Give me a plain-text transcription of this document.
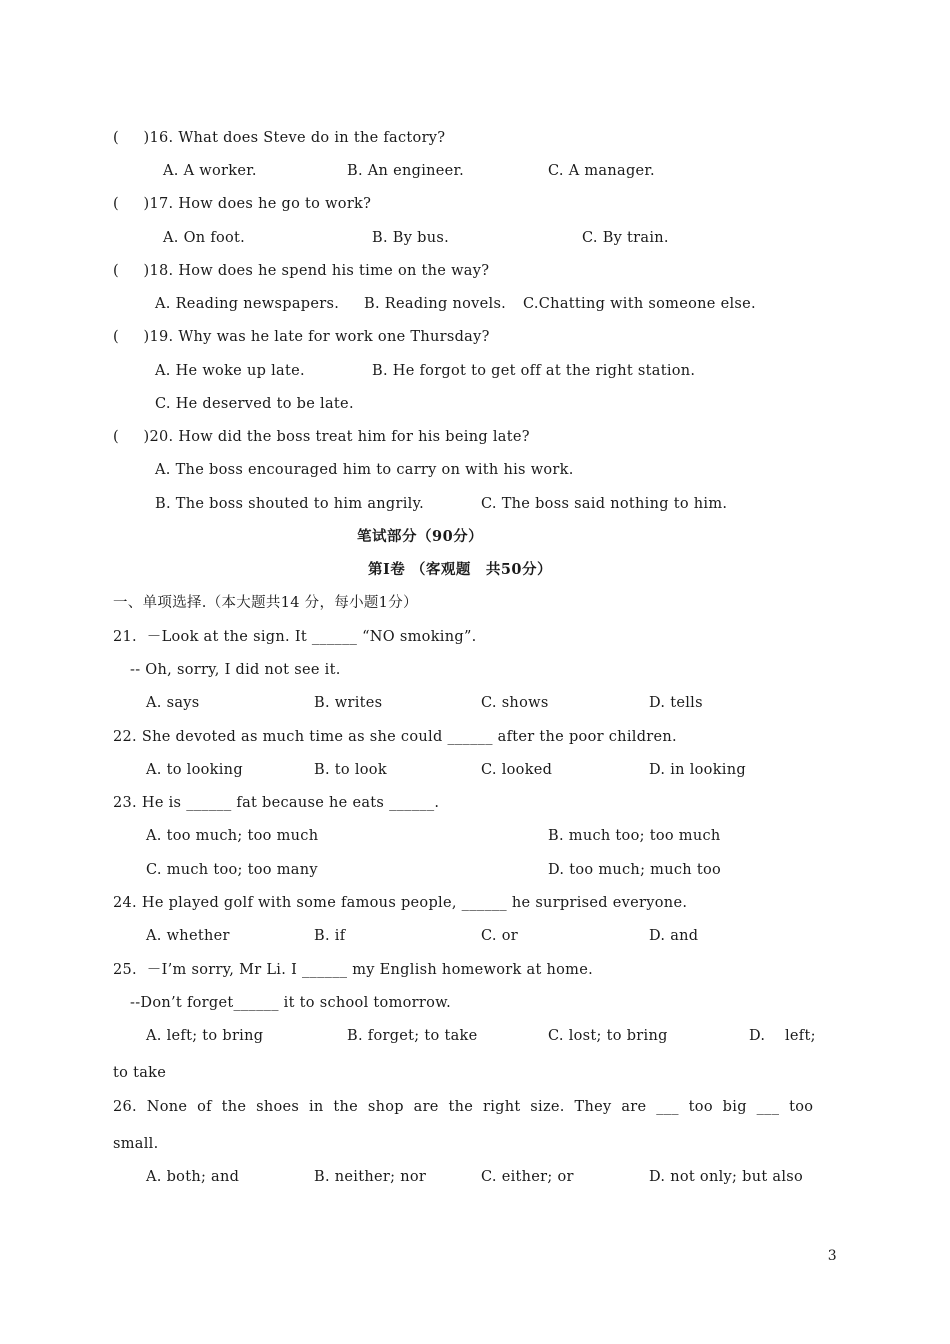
(     )16. What does Steve do in the factory?
A. A worker.	B. An engineer.	C. A manager.
(     )17. How does he go to work?
A. On foot.	B. By bus.	C. By train.
(     )18. How does he spend his time on the way?
A. Reading newspapers. B. Reading novels. C.Chatting with someone else.
(     )19. Why was he late for work one Thursday?
A. He woke up late.	B. He forgot to get off at the right station.
C. He deserved to be late.
(     )20. How did the boss treat him for his being late?
A. The boss encouraged him to carry on with his work.
B. The boss shouted to him angrily.	C. The boss said nothing to him.
笔试部分（90分）
第Ⅰ卷 （客观题　共50分）
一、单项选择.（本大题共14 分，每小题1分）
21.  －Look at the sign. It ______ “NO smoking”.
-- Oh, sorry, I did not see it.
A. says	B. writes	C. shows	D. tells
22. She devoted as much time as she could ______ after the poor children.
A. to looking	B. to look	C. looked	D. in looking
23. He is ______ fat because he eats ______.
A. too much; too much	B. much too; too much
C. much too; too many	D. too much; much too
24. He played golf with some famous people, ______ he surprised everyone.
A. whether	B. if	C. or	D. and
25.  －I’m sorry, Mr Li. I ______ my English homework at home.
--Don’t forget______ it to school tomorrow.
A. left; to bring	B. forget; to take	C. lost; to bring	D.    left;
to take
26.  None  of  the  shoes  in  the  shop  are  the  right  size.  They  are  ___  too  big  ___  too
small.
A. both; and	B. neither; nor	C. either; or	D. not only; but also
3
